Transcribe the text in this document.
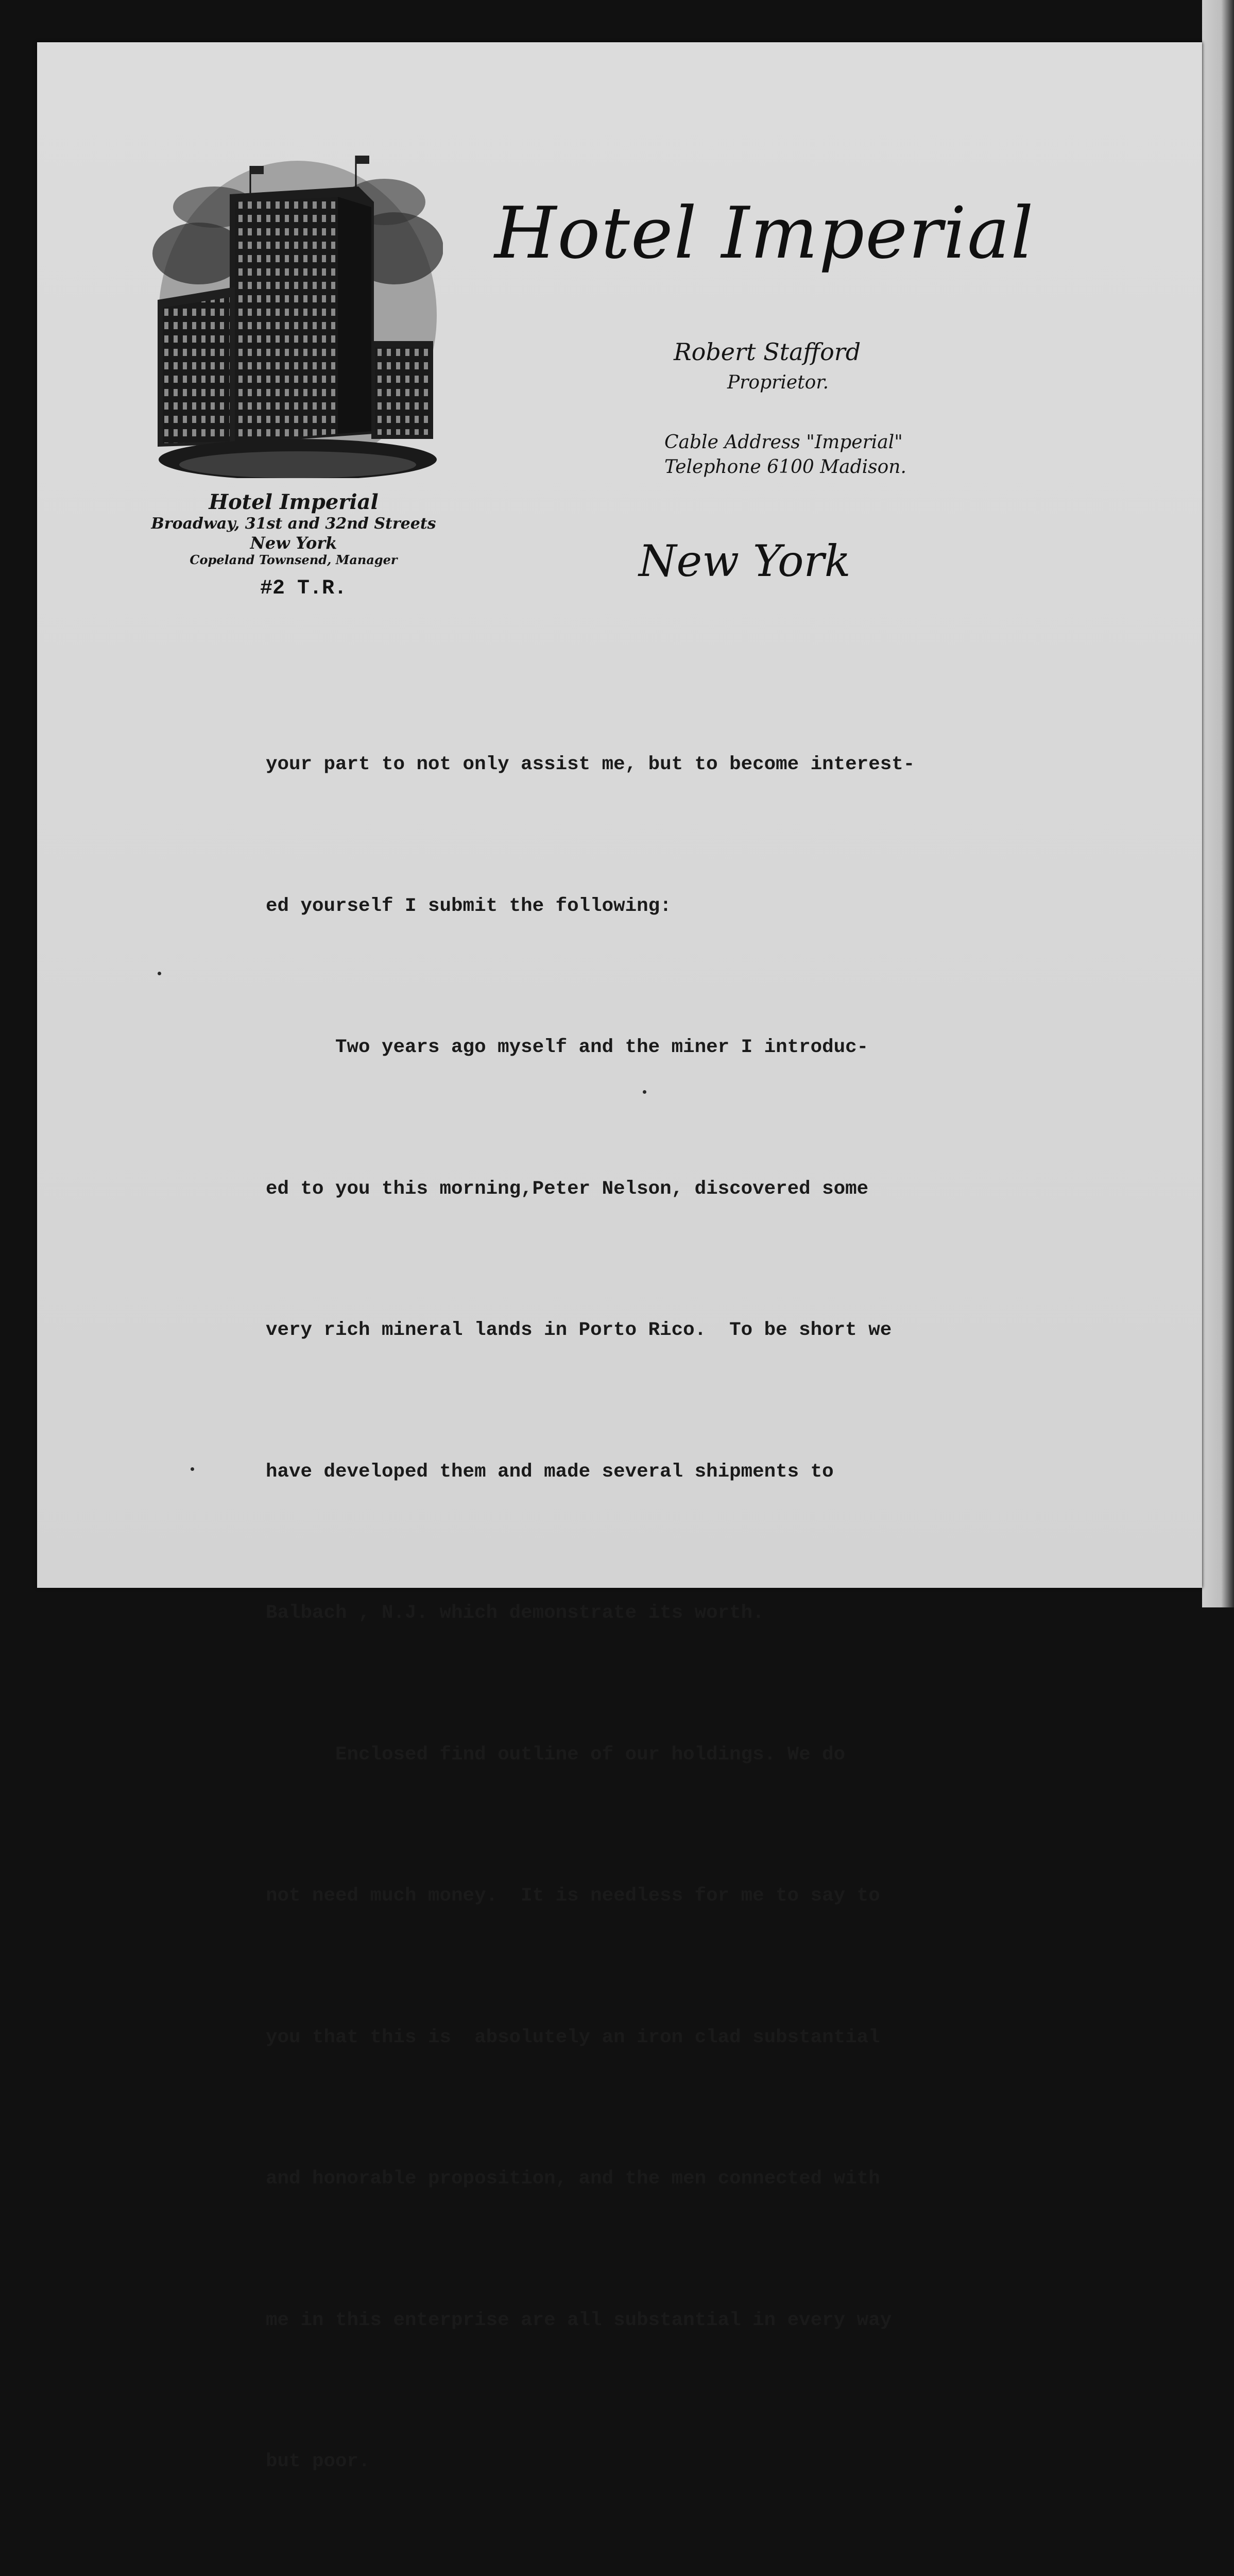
Hotel Imperial
Broadway, 31st and 32nd Streets
New York
Copeland Townsend, Manager
#2 T.R.
Hotel Imperial
Robert Stafford
Proprietor.
Cable Address "Imperial"
Telephone 6100 Madison.
New York

your part to not only assist me, but to become interest-

ed yourself I submit the following:

Two years ago myself and the miner I introduc-

ed to you this morning,Peter Nelson, discovered some

very rich mineral lands in Porto Rico.  To be short we

have developed them and made several shipments to

Balbach , N.J. which demonstrate its worth.

Enclosed find outline of our holdings. We do

not need much money.  It is needless for me to say to

you that this is  absolutely an iron clad substantial

and honorable proposition, and the men connected with

me in this enterprise are all substantial in every way

but poor.
